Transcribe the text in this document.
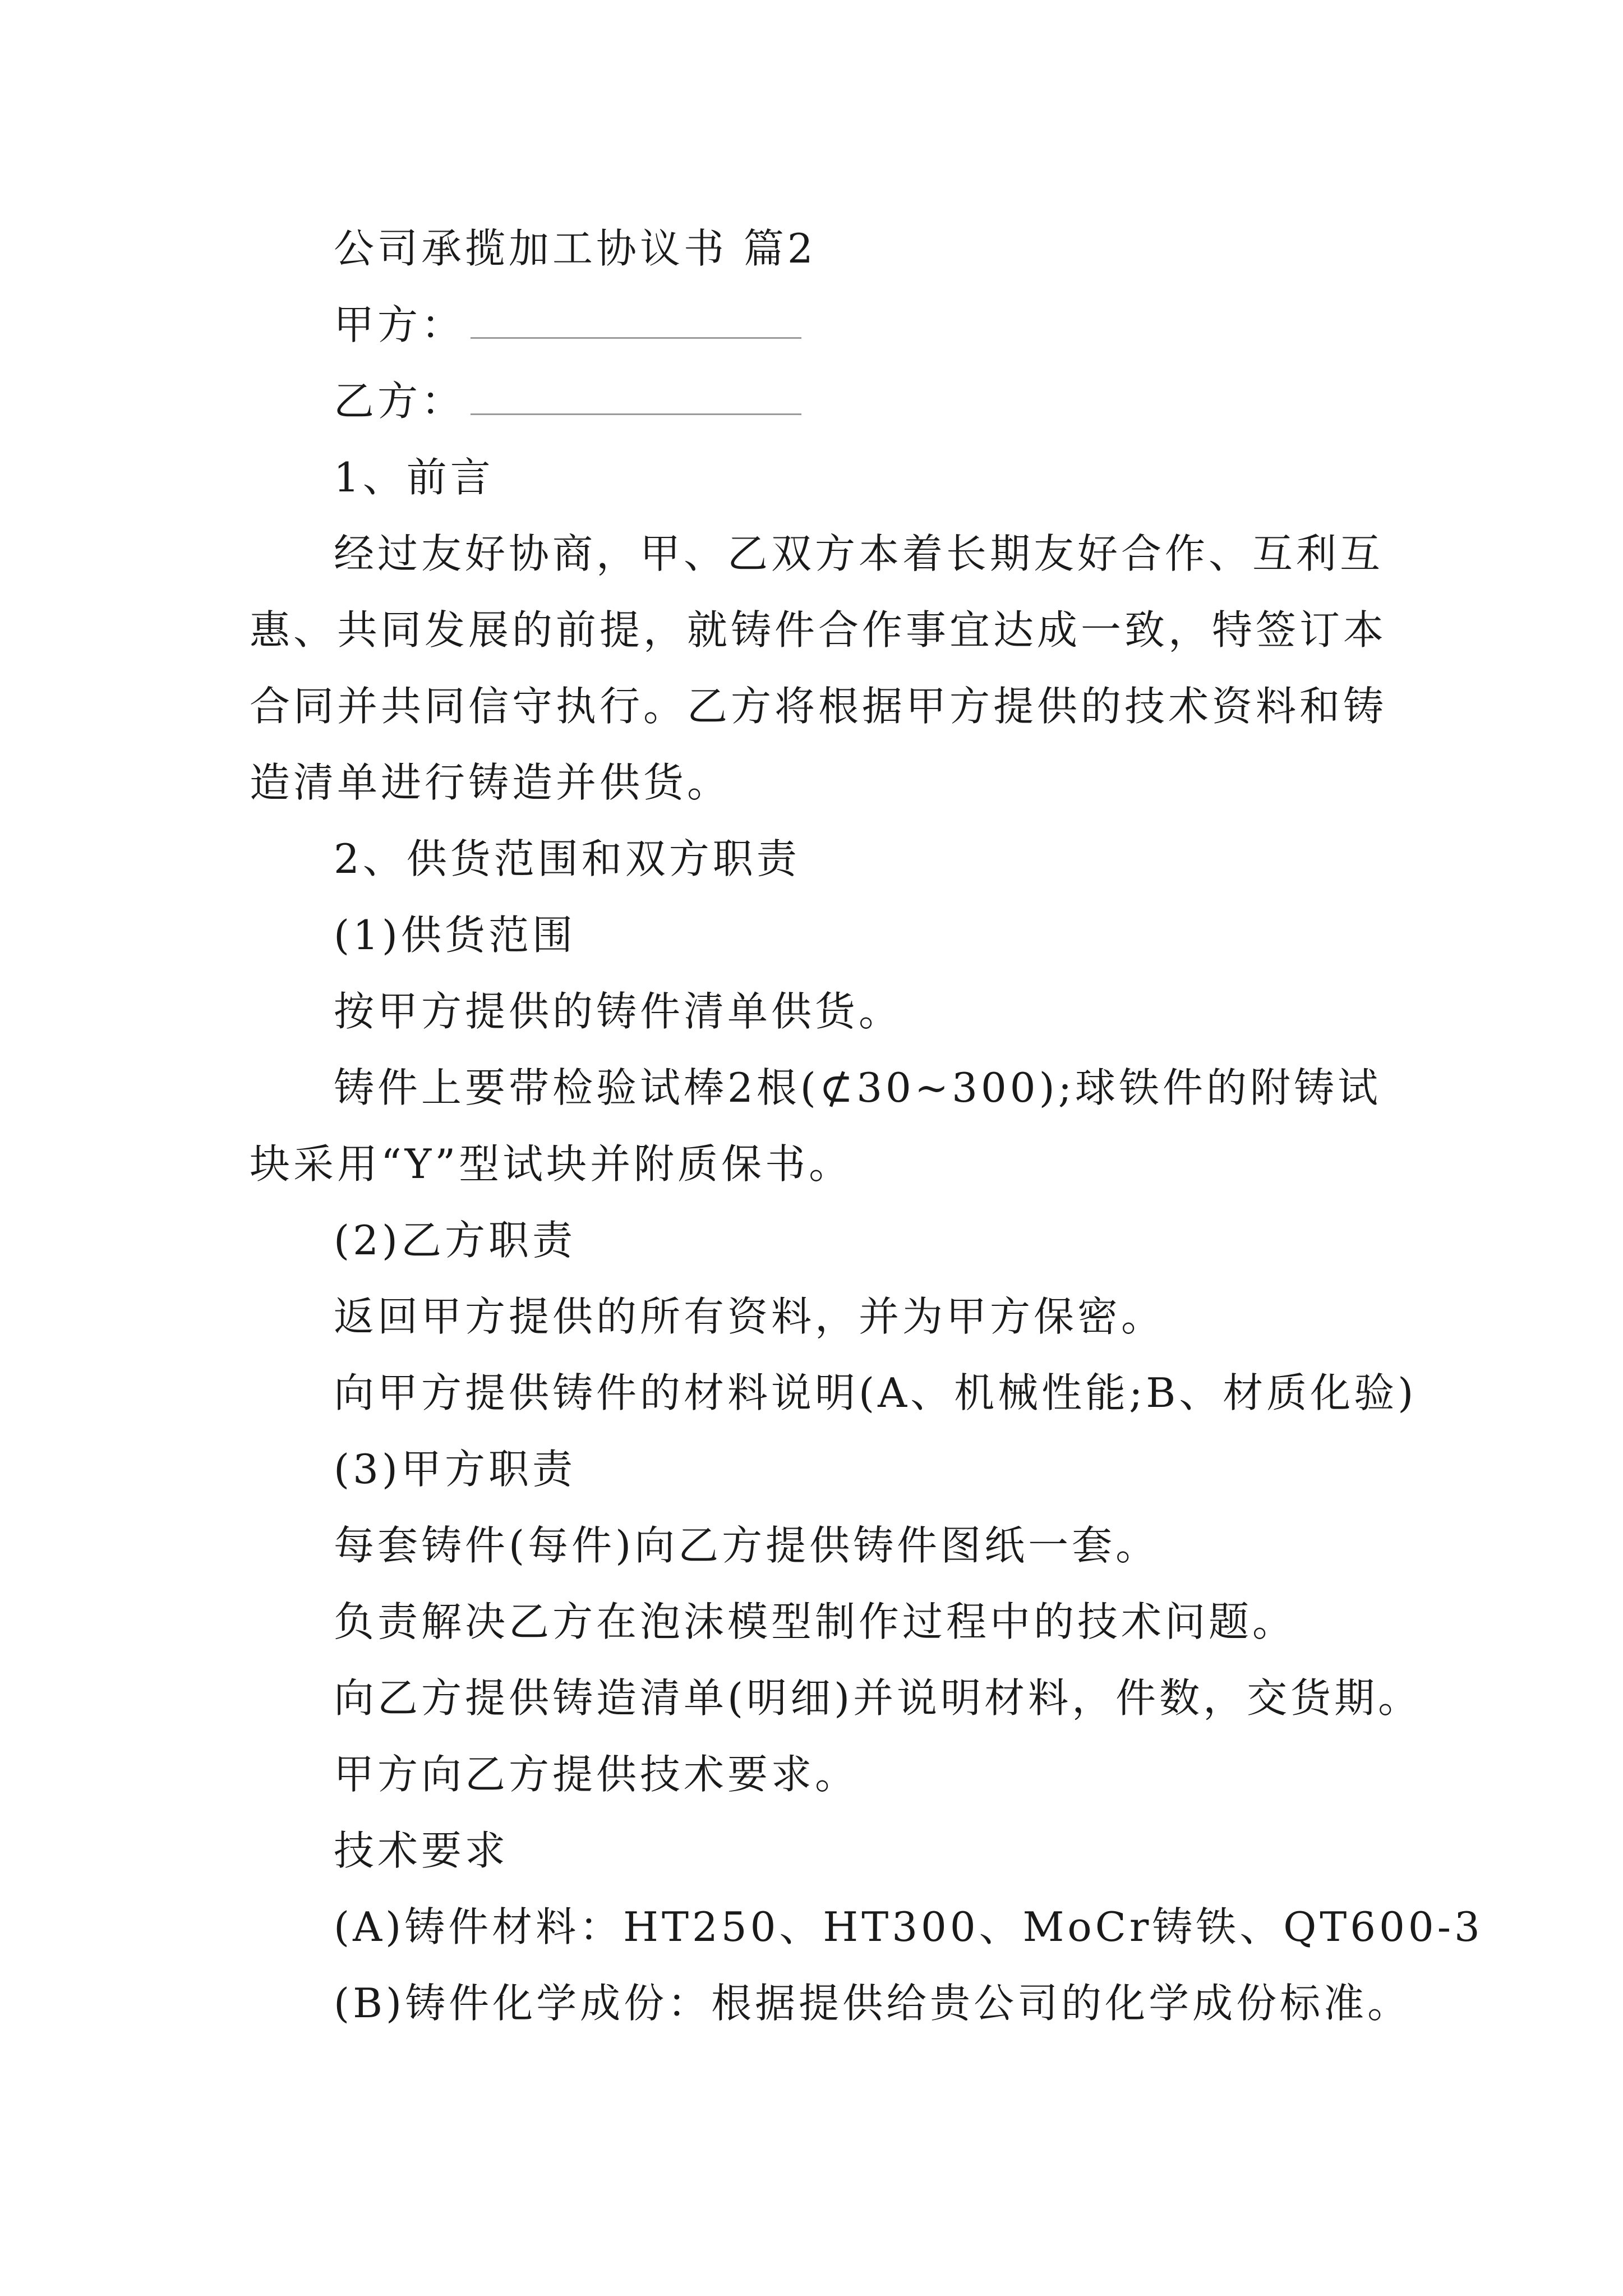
公司承揽加工协议书 篇2
甲方：
乙方：
1、前言
经过友好协商，甲、乙双方本着长期友好合作、互利互
惠、共同发展的前提，就铸件合作事宜达成一致，特签订本
合同并共同信守执行。乙方将根据甲方提供的技术资料和铸
造清单进行铸造并供货。
2、供货范围和双方职责
(1)供货范围
按甲方提供的铸件清单供货。
铸件上要带检验试棒2根(⊄30~300);球铁件的附铸试
块采用“Y”型试块并附质保书。
(2)乙方职责
返回甲方提供的所有资料，并为甲方保密。
向甲方提供铸件的材料说明(A、机械性能;B、材质化验)
(3)甲方职责
每套铸件(每件)向乙方提供铸件图纸一套。
负责解决乙方在泡沫模型制作过程中的技术问题。
向乙方提供铸造清单(明细)并说明材料，件数，交货期。
甲方向乙方提供技术要求。
技术要求
(A)铸件材料：HT250、HT300、MoCr铸铁、QT600-3
(B)铸件化学成份：根据提供给贵公司的化学成份标准。
